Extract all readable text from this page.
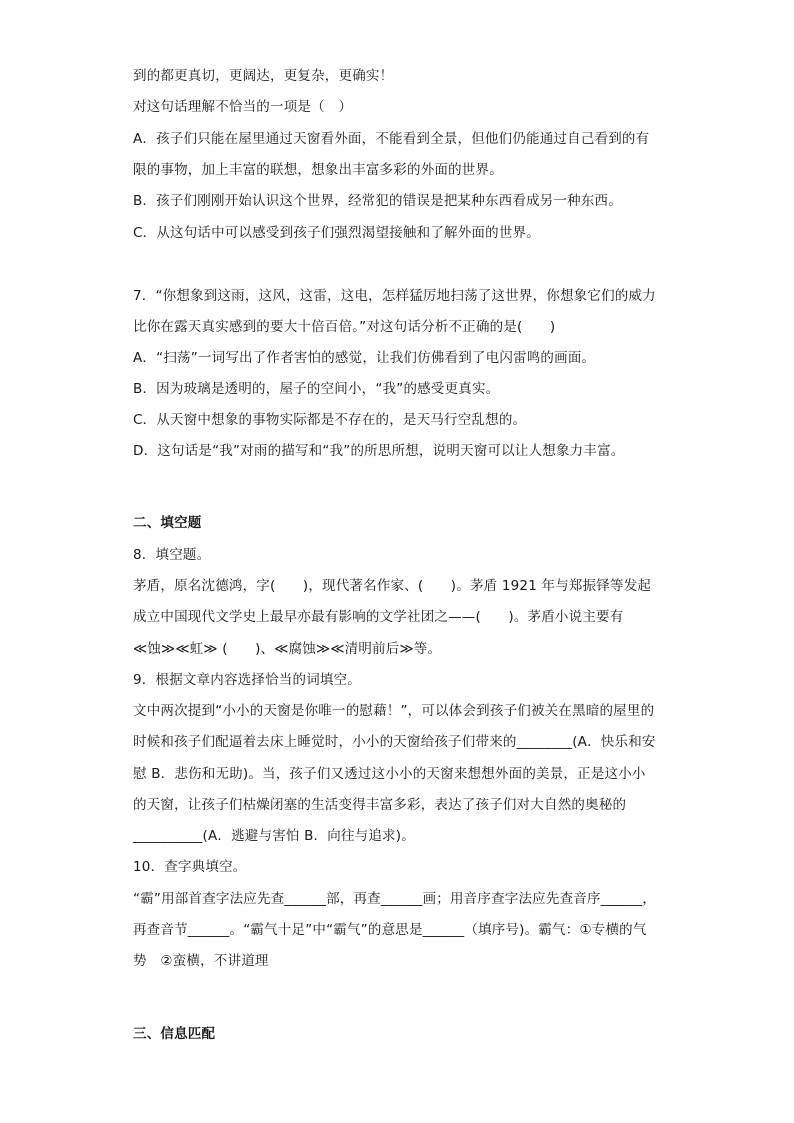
到的都更真切，更阔达，更复杂，更确实！
对这句话理解不恰当的一项是（　）
A．孩子们只能在屋里通过天窗看外面，不能看到全景，但他们仍能通过自己看到的有
限的事物，加上丰富的联想，想象出丰富多彩的外面的世界。
B．孩子们刚刚开始认识这个世界，经常犯的错误是把某种东西看成另一种东西。
C．从这句话中可以感受到孩子们强烈渴望接触和了解外面的世界。
7．“你想象到这雨，这风，这雷，这电，怎样猛厉地扫荡了这世界，你想象它们的威力
比你在露天真实感到的要大十倍百倍。”对这句话分析不正确的是(　　)
A．“扫荡”一词写出了作者害怕的感觉，让我们仿佛看到了电闪雷鸣的画面。
B．因为玻璃是透明的，屋子的空间小，“我”的感受更真实。
C．从天窗中想象的事物实际都是不存在的，是天马行空乱想的。
D．这句话是“我”对雨的描写和“我”的所思所想，说明天窗可以让人想象力丰富。
二、填空题
8．填空题。
茅盾，原名沈德鸿，字(　　)，现代著名作家、(　　)。茅盾 1921 年与郑振铎等发起
成立中国现代文学史上最早亦最有影响的文学社团之——(　　)。茅盾小说主要有
≪蚀≫≪虹≫ (　　)、≪腐蚀≫≪清明前后≫等。
9．根据文章内容选择恰当的词填空。
文中两次提到“小小的天窗是你唯一的慰藉！”，可以体会到孩子们被关在黑暗的屋里的
时候和孩子们配逼着去床上睡觉时，小小的天窗给孩子们带来的________(A．快乐和安
慰 B．悲伤和无助)。当，孩子们又透过这小小的天窗来想想外面的美景，正是这小小
的天窗，让孩子们枯燥闭塞的生活变得丰富多彩，表达了孩子们对大自然的奥秘的
__________(A．逃避与害怕 B．向往与追求)。
10．查字典填空。
“霸”用部首查字法应先查______部，再查______画；用音序查字法应先查音序______，
再查音节______。“霸气十足”中“霸气”的意思是______（填序号)。霸气：①专横的气
势　②蛮横，不讲道理
三、信息匹配
